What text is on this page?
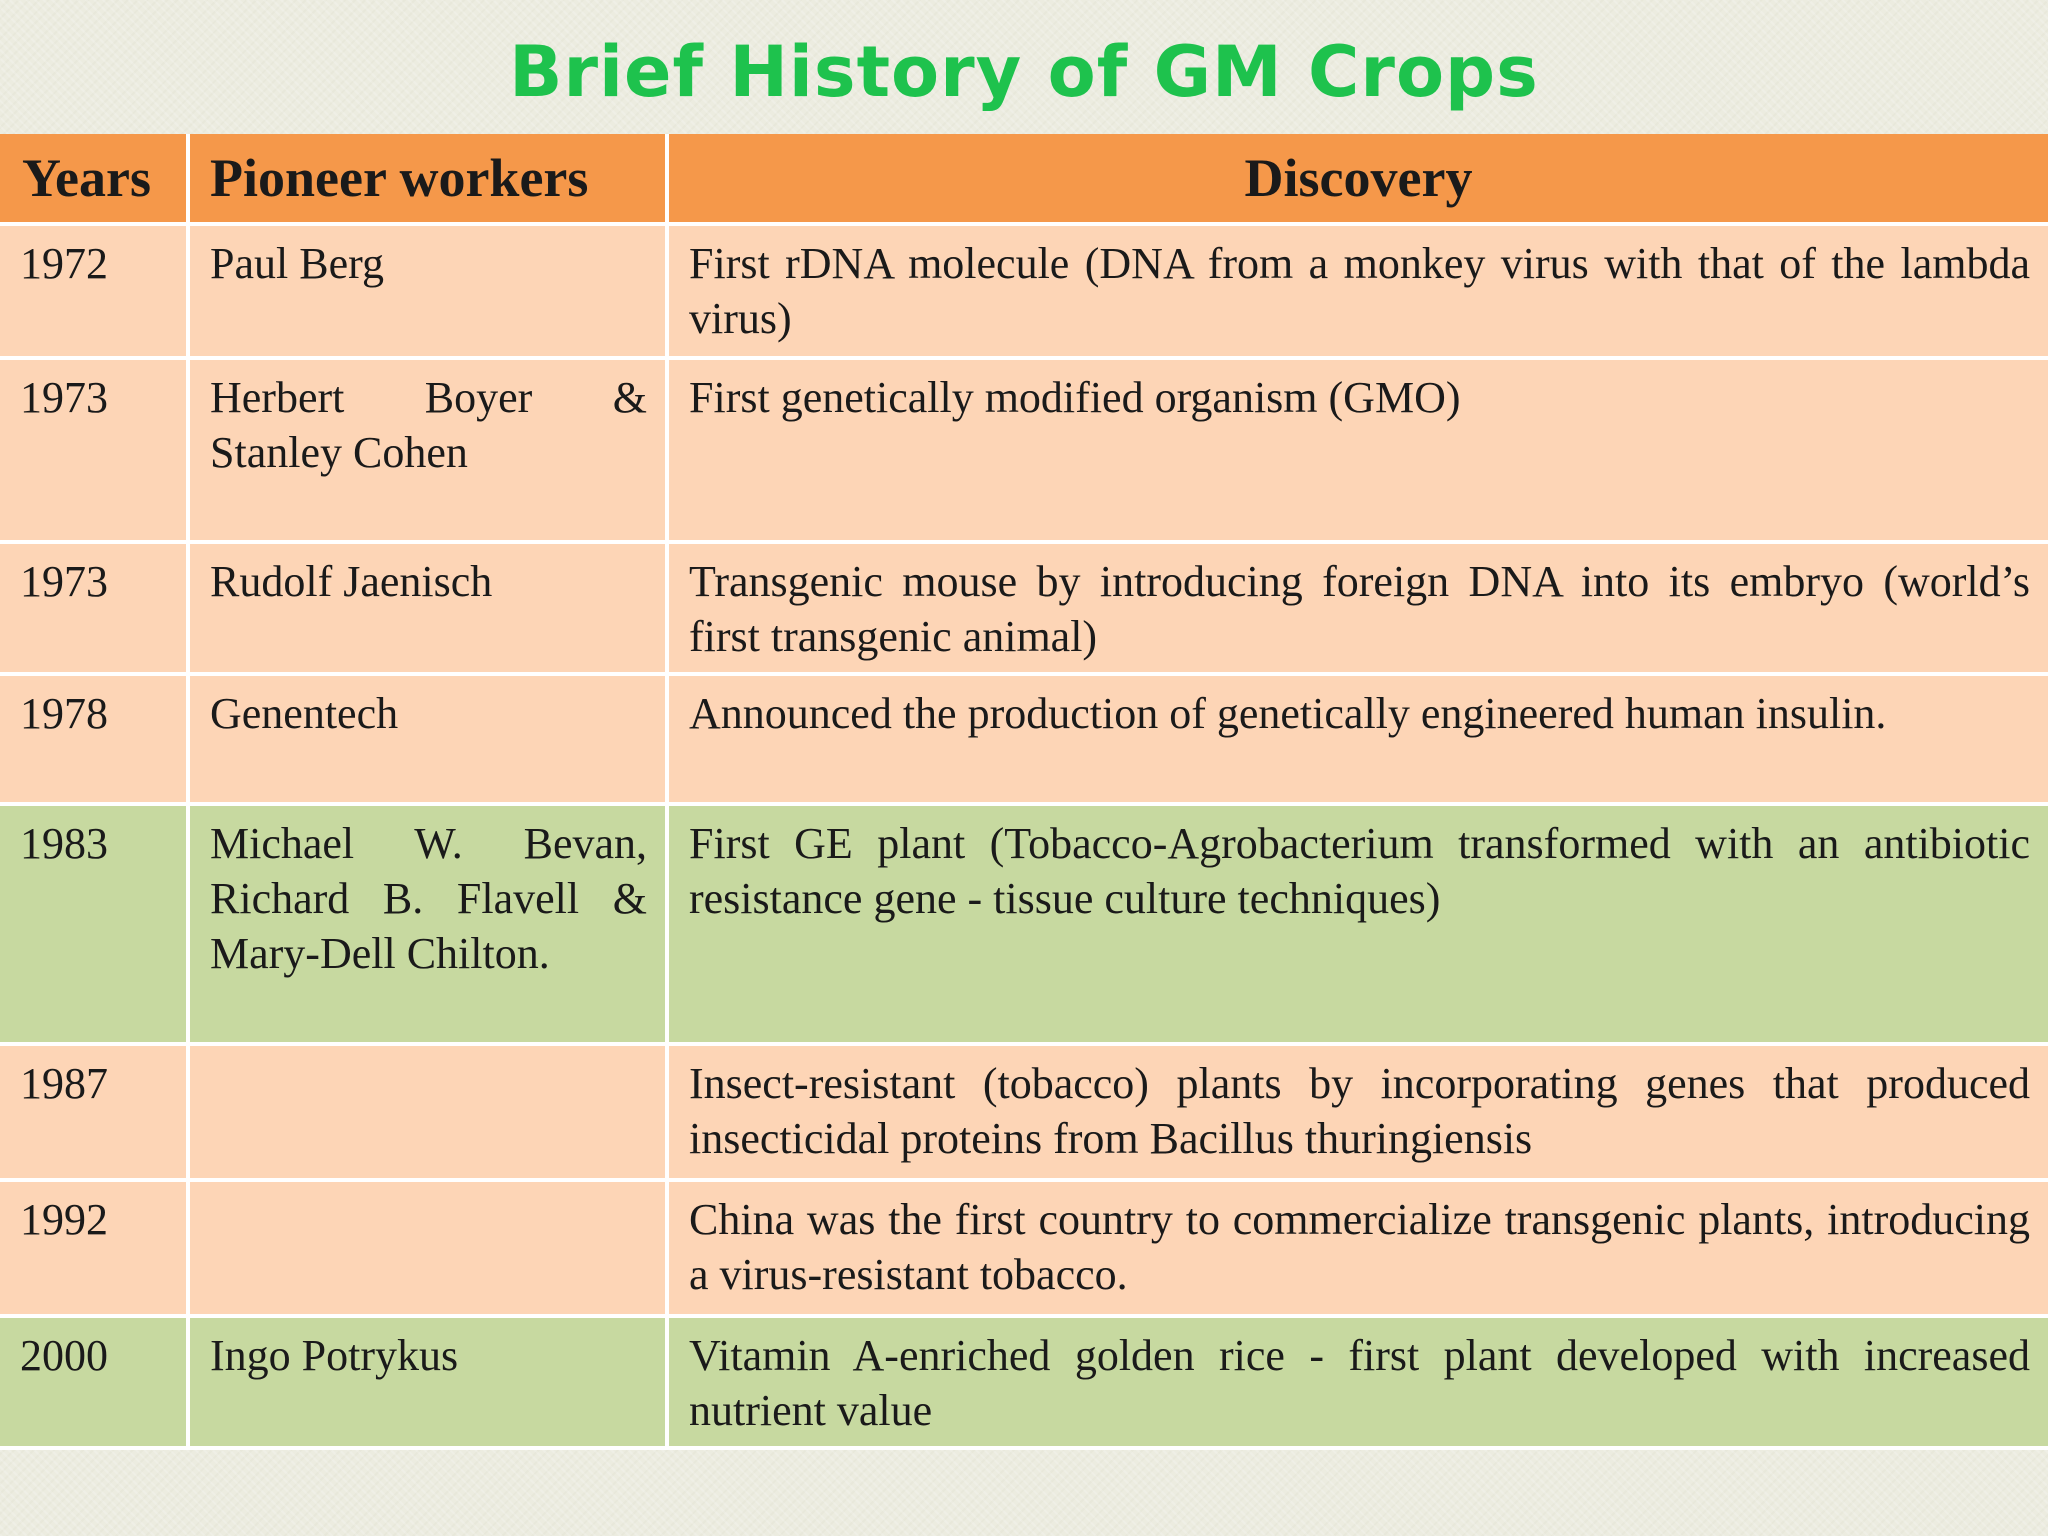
Brief History of GM Crops
Years	Pioneer workers	Discovery
1972	Paul Berg	First rDNA molecule (DNA from a monkey virus with that of the lambda virus)
1973	Herbert Boyer & Stanley Cohen	First genetically modified organism (GMO)
1973	Rudolf Jaenisch	Transgenic mouse by introducing foreign DNA into its embryo (world’s first transgenic animal)
1978	Genentech	Announced the production of genetically engineered human insulin.
1983	Michael W. Bevan, Richard B. Flavell & Mary-Dell Chilton.	First GE plant (Tobacco-Agrobacterium transformed with an antibiotic resistance gene - tissue culture techniques)
1987		Insect-resistant (tobacco) plants by incorporating genes that produced insecticidal proteins from Bacillus thuringiensis
1992		China was the first country to commercialize transgenic plants, introducing a virus-resistant tobacco.
2000	Ingo Potrykus	Vitamin A-enriched golden rice - first plant developed with increased nutrient value
